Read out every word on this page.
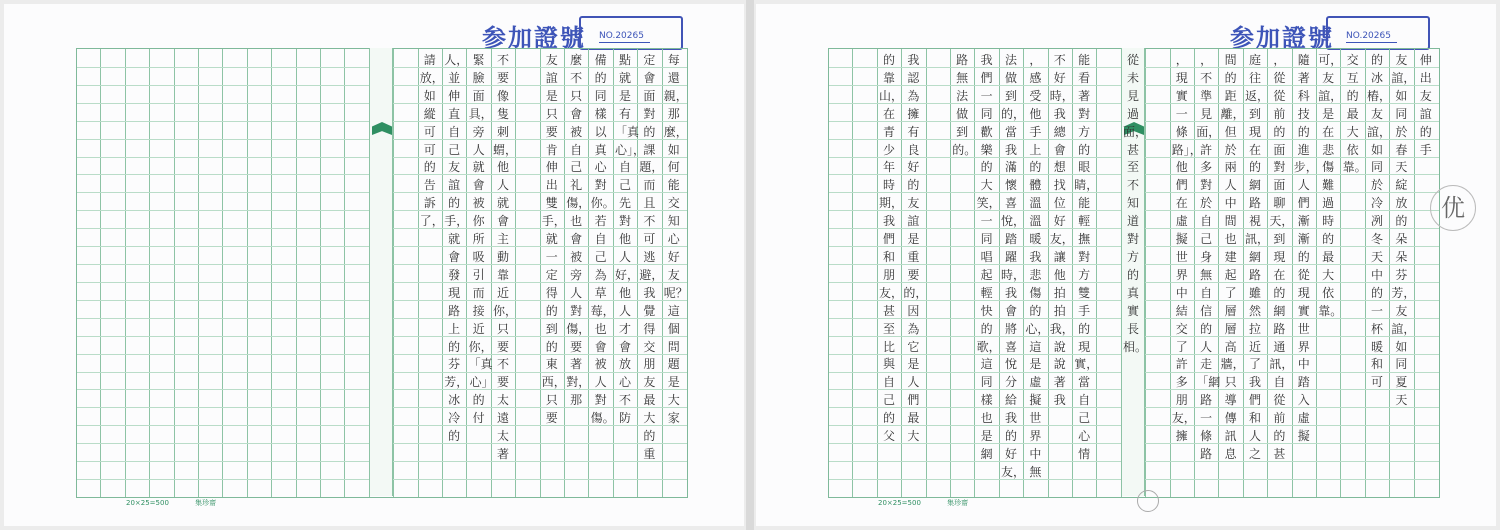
参加證號 NO.20265
20×25=500	集珍齋
每還親，那麼，如何能交知心好友呢？這個問題是大家
定會面對的課題，而且不可逃避，我覺得交朋友最大的重
點就是有「真心」，自己先對他人好，他人才會放心不防
備的同樣以真心對你。若自己為草莓，也會被人對傷。
麼不只會被自己礼傷，也會被旁人對傷，要著對，那
友誼是只要肯伸出雙手，就一定得的到的東西，只要
不要像隻刺蝟，他人就會主動靠近你，只要不要太遠太著
緊臉面具，旁人就會被你所吸引而接近你，「真心」的付
人，並伸直自己友誼的手，就會發現路上的芬芳，冰冷的
請放，如縱可可的告訴了，
参加證號 NO.20265
20×25=500	集珍齋
伸出友誼的手
友誼，如同於春天綻放的朵朵芬芳，友誼，如同夏天
的冰樁，友誼，如同於冷冽冬天中的一杯暖和可
交互的最大依靠。
可，友誼，是在悲傷難過時的最大依靠。
隨著科技的進步，人們漸漸的從現實世界中踏入虛擬
，從從前的面對面聊天，到現在的網路通訊，自從前的甚
庭往返，到現在的網路視訊，網路雖然拉近了我們和人之
間的距離，但於兩人中間也建起了層層高牆，只導傳訊息
，不準見面，許多對於自己身無自信的人走「網路一條路
，現實一條路」，他們在虛擬世界中結交了許多朋友，擁
從未見過面，甚至不知道對方的真實長相。
能看著對方的眼睛，能輕撫對方雙手的現實，當自己心情
不好時，我總會想找位好友，讓他拍拍我，說說著我
，感受他手上的體溫溫暖我悲傷的心，這是虛擬世界中無
法做到的，當我滿懷喜悅，踏躍時，我會將喜悅分給我的好友，
我們一同歡樂的大笑，一同唱起輕快的歌，這同樣也是網
路無法做到的。
我認為擁有良好的友誼是重要的，因為它是人們最大
的靠山，在青少年時期，我們和朋友，甚至比與自己的父
优
